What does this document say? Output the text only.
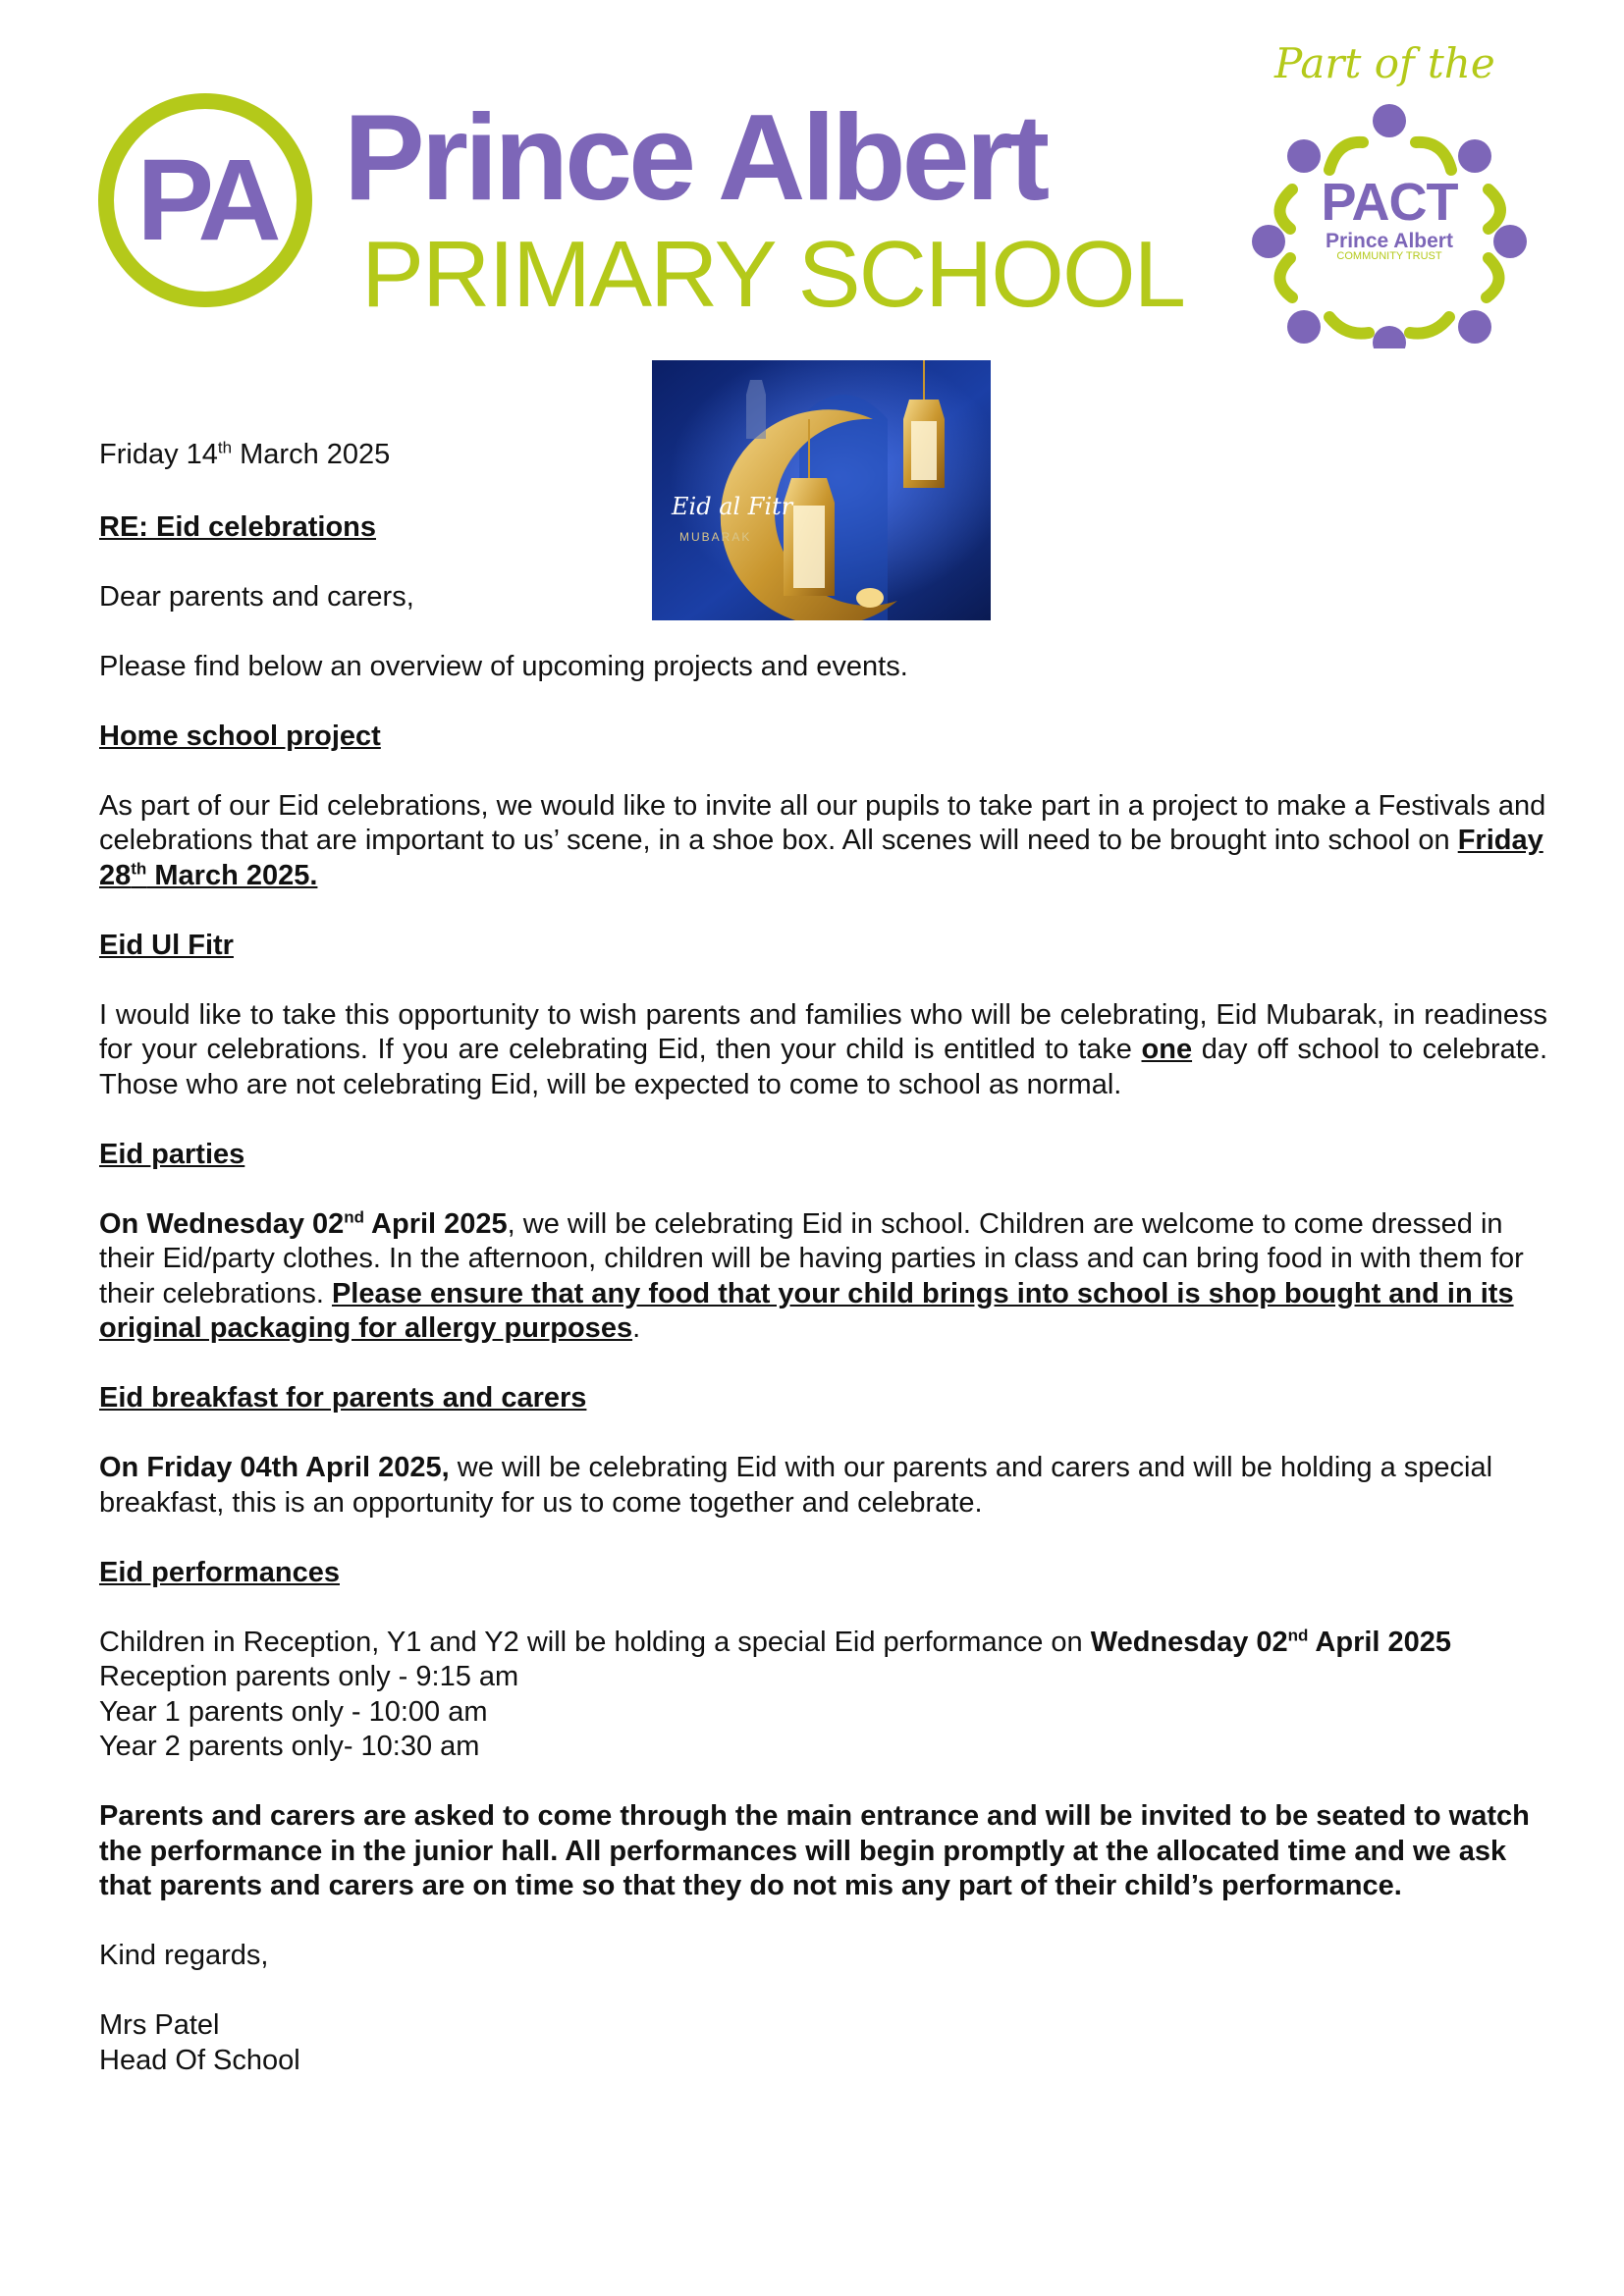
PA Prince Albert
PRIMARY SCHOOL
Part of the
PACT
Prince Albert
COMMUNITY TRUST
Eid al Fitr
MUBARAK

Friday 14th March 2025

RE: Eid celebrations

Dear parents and carers,

Please find below an overview of upcoming projects and events.

Home school project

As part of our Eid celebrations, we would like to invite all our pupils to take part in a project to make a Festivals and celebrations that are important to us’ scene, in a shoe box. All scenes will need to be brought into school on Friday 28th March 2025.

Eid Ul Fitr

I would like to take this opportunity to wish parents and families who will be celebrating, Eid Mubarak, in readiness for your celebrations. If you are celebrating Eid, then your child is entitled to take one day off school to celebrate. Those who are not celebrating Eid, will be expected to come to school as normal.

Eid parties

On Wednesday 02nd April 2025, we will be celebrating Eid in school. Children are welcome to come dressed in their Eid/party clothes. In the afternoon, children will be having parties in class and can bring food in with them for their celebrations. Please ensure that any food that your child brings into school is shop bought and in its original packaging for allergy purposes.

Eid breakfast for parents and carers

On Friday 04th April 2025, we will be celebrating Eid with our parents and carers and will be holding a special breakfast, this is an opportunity for us to come together and celebrate.

Eid performances

Children in Reception, Y1 and Y2 will be holding a special Eid performance on Wednesday 02nd April 2025
Reception parents only - 9:15 am
Year 1 parents only - 10:00 am
Year 2 parents only- 10:30 am

Parents and carers are asked to come through the main entrance and will be invited to be seated to watch the performance in the junior hall. All performances will begin promptly at the allocated time and we ask that parents and carers are on time so that they do not mis any part of their child’s performance.

Kind regards,

Mrs Patel
Head Of School
